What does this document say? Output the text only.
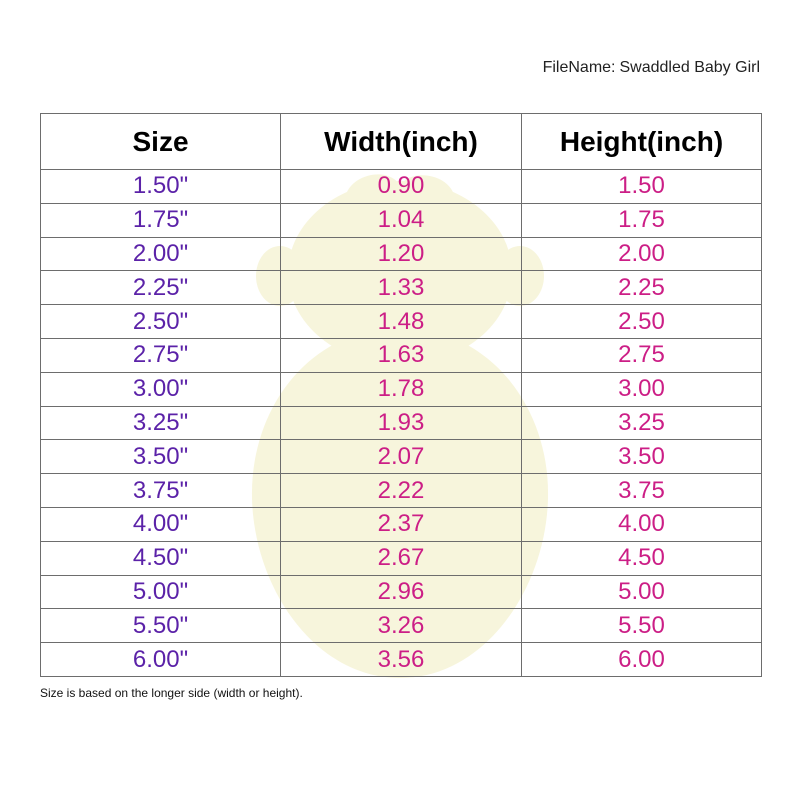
FileName: Swaddled Baby Girl
Size	Width(inch)	Height(inch)
1.50"	0.90	1.50
1.75"	1.04	1.75
2.00"	1.20	2.00
2.25"	1.33	2.25
2.50"	1.48	2.50
2.75"	1.63	2.75
3.00"	1.78	3.00
3.25"	1.93	3.25
3.50"	2.07	3.50
3.75"	2.22	3.75
4.00"	2.37	4.00
4.50"	2.67	4.50
5.00"	2.96	5.00
5.50"	3.26	5.50
6.00"	3.56	6.00
Size is based on the longer side (width or height).
